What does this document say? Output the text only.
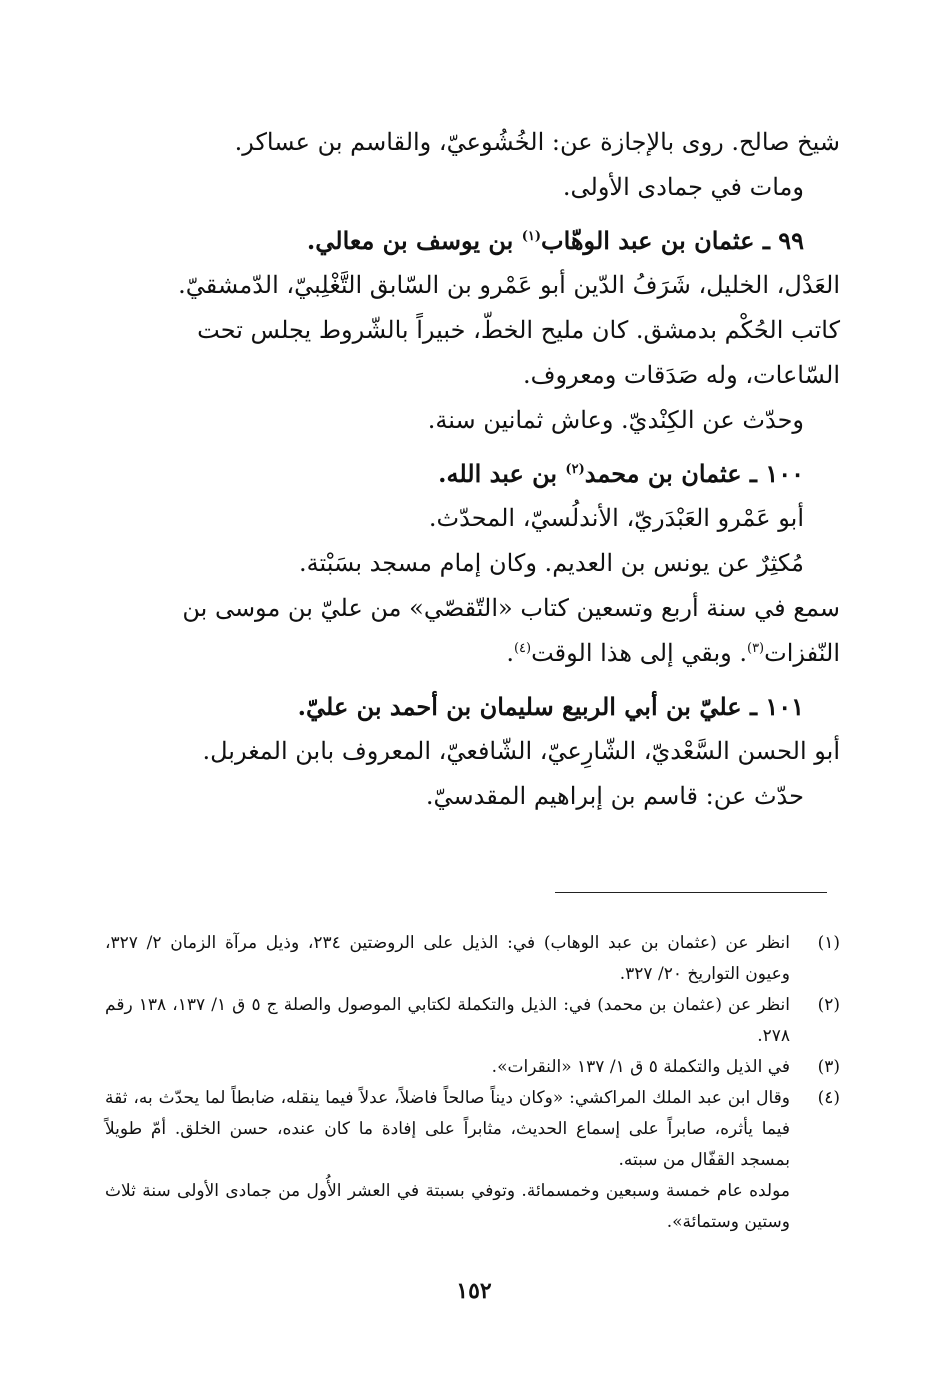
شيخ صالح. روى بالإجازة عن: الخُشُوعيّ، والقاسم بن عساكر.

ومات في جمادى الأولى.

٩٩ ـ عثمان بن عبد الوهّاب$^{(١)}$ بن يوسف بن معالي.

العَدْل، الخليل، شَرَفُ الدّين أبو عَمْرو بن السّابق التَّغْلِبيّ، الدّمشقيّ.

كاتب الحُكْم بدمشق. كان مليح الخطّ، خبيراً بالشّروط يجلس تحت

السّاعات، وله صَدَقات ومعروف.

وحدّث عن الكِنْديّ. وعاش ثمانين سنة.

١٠٠ ـ عثمان بن محمد$^{(٢)}$ بن عبد الله.

أبو عَمْرو العَبْدَريّ، الأندلُسيّ، المحدّث.

مُكثِرٌ عن يونس بن العديم. وكان إمام مسجد بسَبْتة.

سمع في سنة أربع وتسعين كتاب «التّقصّي» من عليّ بن موسى بن

النّفزات$^{(٣)}$. وبقي إلى هذا الوقت$^{(٤)}$.

١٠١ ـ عليّ بن أبي الربيع سليمان بن أحمد بن عليّ.

أبو الحسن السَّعْديّ، الشّارِعيّ، الشّافعيّ، المعروف بابن المغربل.

حدّث عن: قاسم بن إبراهيم المقدسيّ.

(١)

انظر عن (عثمان بن عبد الوهاب) في: الذيل على الروضتين ٢٣٤، وذيل مرآة الزمان ٢/ ٣٢٧، وعيون التواريخ ٢٠/ ٣٢٧.

(٢)

انظر عن (عثمان بن محمد) في: الذيل والتكملة لكتابي الموصول والصلة ج ٥ ق ١/ ١٣٧، ١٣٨ رقم ٢٧٨.

(٣)

في الذيل والتكملة ٥ ق ١/ ١٣٧ «النقرات».

(٤)

وقال ابن عبد الملك المراكشي: «وكان ديناً صالحاً فاضلاً، عدلاً فيما ينقله، ضابطاً لما يحدّث به، ثقة فيما يأثره، صابراً على إسماع الحديث، مثابراً على إفادة ما كان عنده، حسن الخلق. أمّ طويلاً بمسجد القفّال من سبته.

مولده عام خمسة وسبعين وخمسمائة. وتوفي بسبتة في العشر الأُول من جمادى الأولى سنة ثلاث وستين وستمائة».

١٥٢
